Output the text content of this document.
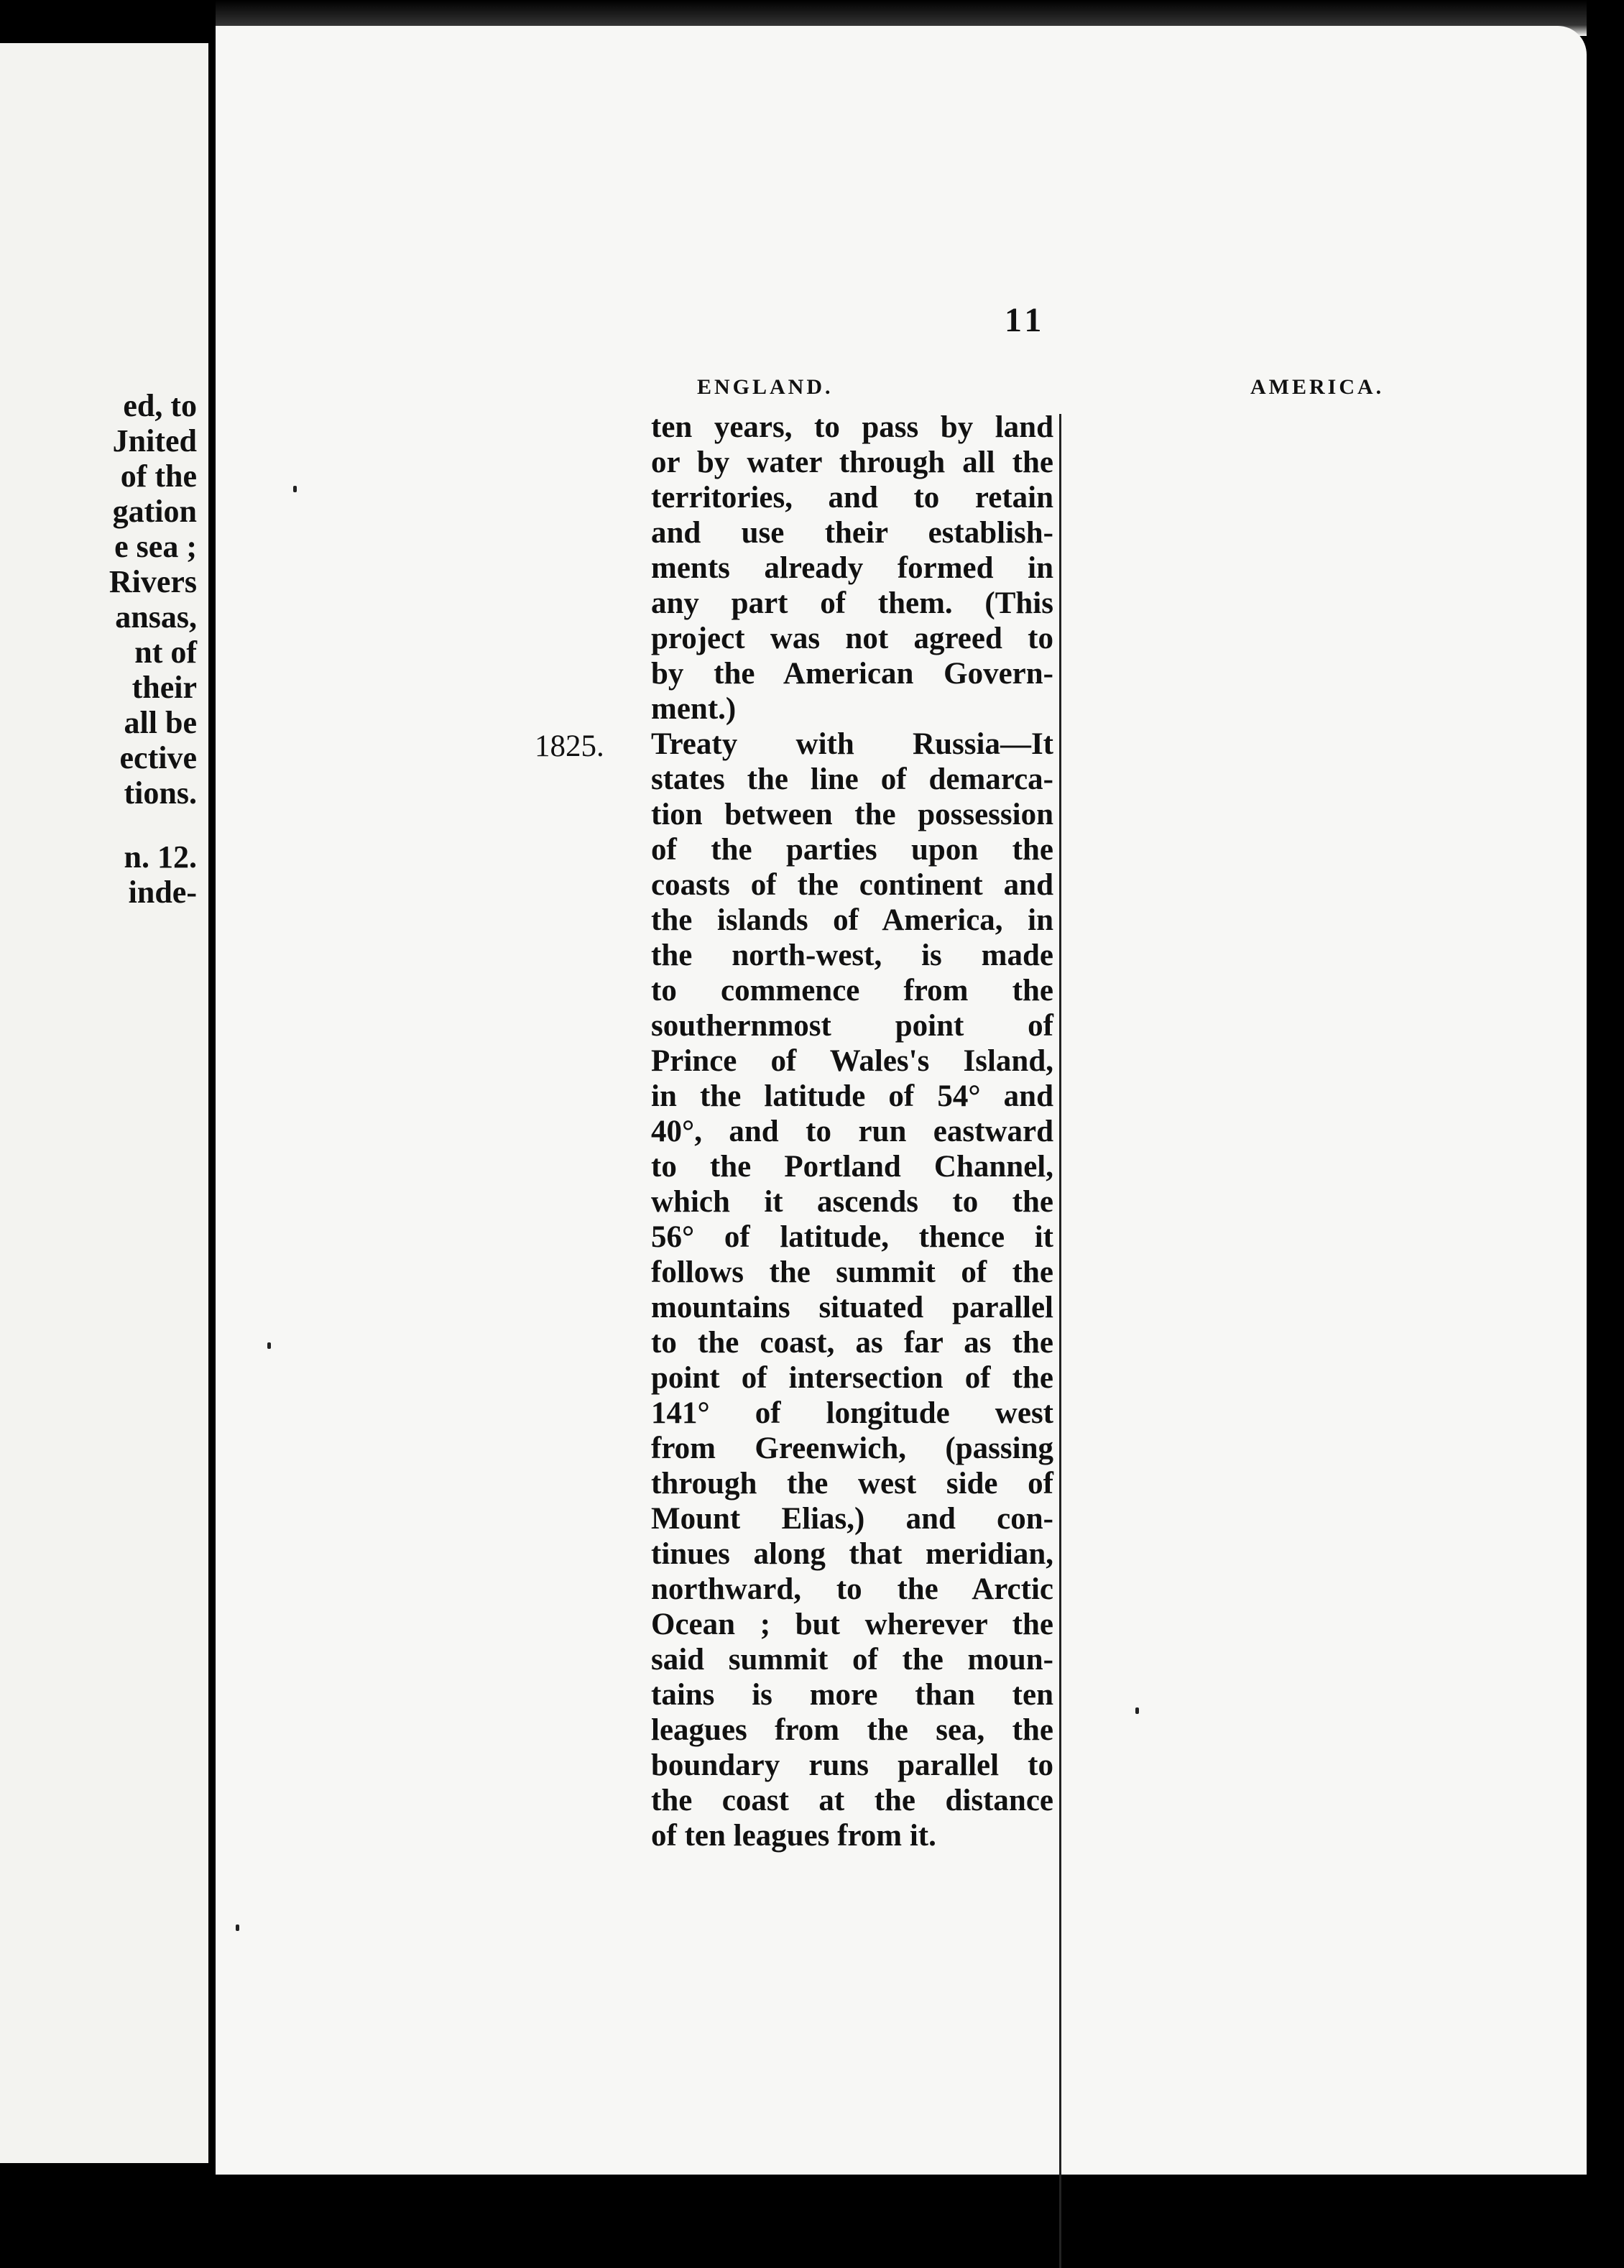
ed, to
Jnited
of the
gation
e sea ;
Rivers
ansas,
nt of
their
all be
ective
tions.
n. 12.
inde-
11
ENGLAND.	AMERICA.
1825.
ten years, to pass by land
or by water through all the
territories, and to retain
and use their establish-
ments already formed in
any part of them. (This
project was not agreed to
by the American Govern-
ment.)
Treaty with Russia—It
states the line of demarca-
tion between the possession
of the parties upon the
coasts of the continent and
the islands of America, in
the north-west, is made
to commence from the
southernmost point of
Prince of Wales's Island,
in the latitude of 54° and
40°, and to run eastward
to the Portland Channel,
which it ascends to the
56° of latitude, thence it
follows the summit of the
mountains situated parallel
to the coast, as far as the
point of intersection of the
141° of longitude west
from Greenwich, (passing
through the west side of
Mount Elias,) and con-
tinues along that meridian,
northward, to the Arctic
Ocean ; but wherever the
said summit of the moun-
tains is more than ten
leagues from the sea, the
boundary runs parallel to
the coast at the distance
of ten leagues from it.
